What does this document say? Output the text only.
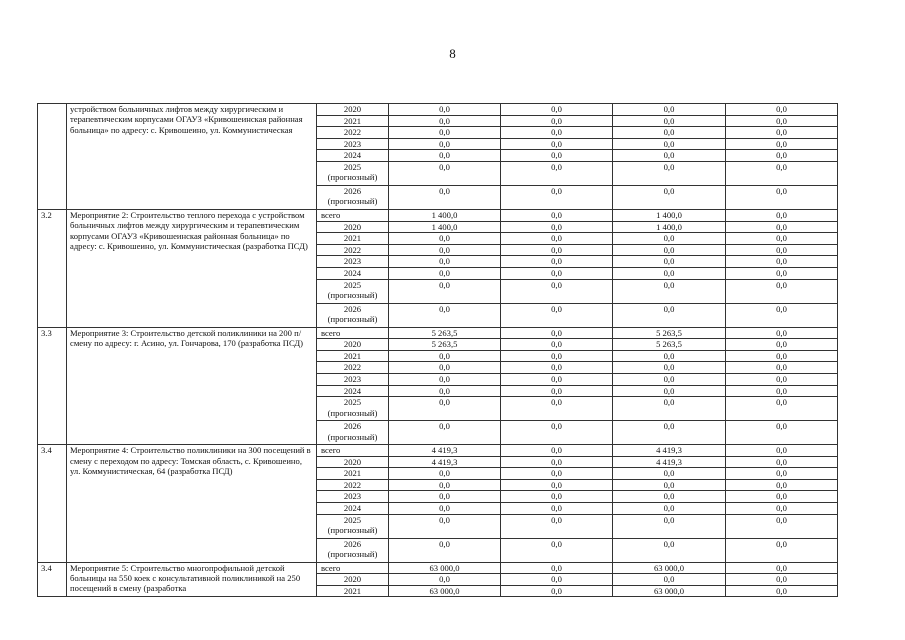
8
	устройством больничных лифтов между хирургическим и терапевтическим корпусами ОГАУЗ «Кривошеинская районная больница» по адресу: с. Кривошеино, ул. Коммунистическая	2020	0,0	0,0	0,0	0,0
		2021	0,0	0,0	0,0	0,0
		2022	0,0	0,0	0,0	0,0
		2023	0,0	0,0	0,0	0,0
		2024	0,0	0,0	0,0	0,0
		2025 (прогнозный)	0,0	0,0	0,0	0,0
		2026 (прогнозный)	0,0	0,0	0,0	0,0
3.2	Мероприятие 2: Строительство теплого перехода с устройством больничных лифтов между хирургическим и терапевтическим корпусами ОГАУЗ «Кривошеинская районная больница» по адресу: с. Кривошеино, ул. Коммунистическая (разработка ПСД)	всего	1 400,0	0,0	1 400,0	0,0
		2020	1 400,0	0,0	1 400,0	0,0
		2021	0,0	0,0	0,0	0,0
		2022	0,0	0,0	0,0	0,0
		2023	0,0	0,0	0,0	0,0
		2024	0,0	0,0	0,0	0,0
		2025 (прогнозный)	0,0	0,0	0,0	0,0
		2026 (прогнозный)	0,0	0,0	0,0	0,0
3.3	Мероприятие 3: Строительство детской поликлиники на 200 п/смену по адресу: г. Асино, ул. Гончарова, 170 (разработка ПСД)	всего	5 263,5	0,0	5 263,5	0,0
		2020	5 263,5	0,0	5 263,5	0,0
		2021	0,0	0,0	0,0	0,0
		2022	0,0	0,0	0,0	0,0
		2023	0,0	0,0	0,0	0,0
		2024	0,0	0,0	0,0	0,0
		2025 (прогнозный)	0,0	0,0	0,0	0,0
		2026 (прогнозный)	0,0	0,0	0,0	0,0
3.4	Мероприятие 4: Строительство поликлиники на 300 посещений в смену с переходом по адресу: Томская область, с. Кривошеино, ул. Коммунистическая, 64 (разработка ПСД)	всего	4 419,3	0,0	4 419,3	0,0
		2020	4 419,3	0,0	4 419,3	0,0
		2021	0,0	0,0	0,0	0,0
		2022	0,0	0,0	0,0	0,0
		2023	0,0	0,0	0,0	0,0
		2024	0,0	0,0	0,0	0,0
		2025 (прогнозный)	0,0	0,0	0,0	0,0
		2026 (прогнозный)	0,0	0,0	0,0	0,0
3.4	Мероприятие 5: Строительство многопрофильной детской больницы на 550 коек с консультативной поликлиникой на 250 посещений в смену (разработка	всего	63 000,0	0,0	63 000,0	0,0
		2020	0,0	0,0	0,0	0,0
		2021	63 000,0	0,0	63 000,0	0,0
